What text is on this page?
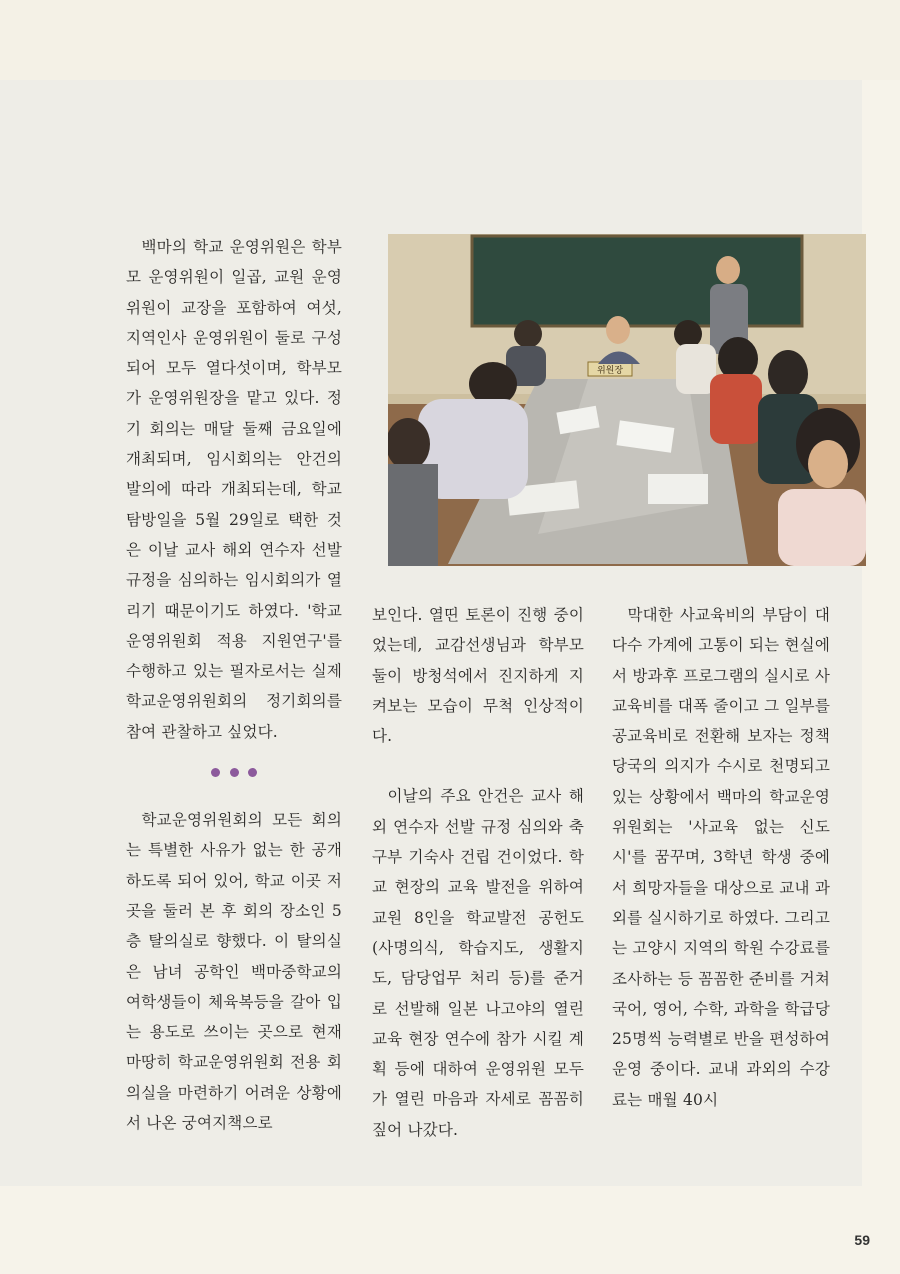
백마의 학교 운영위원은 학부모 운영위원이 일곱, 교원 운영위원이 교장을 포함하여 여섯, 지역인사 운영위원이 둘로 구성되어 모두 열다섯이며, 학부모가 운영위원장을 맡고 있다. 정기 회의는 매달 둘째 금요일에 개최되며, 임시회의는 안건의 발의에 따라 개최되는데, 학교 탐방일을 5월 29일로 택한 것은 이날 교사 해외 연수자 선발 규정을 심의하는 임시회의가 열리기 때문이기도 하였다. '학교운영위원회 적용 지원연구'를 수행하고 있는 필자로서는 실제 학교운영위원회의 정기회의를 참여 관찰하고 싶었다.

학교운영위원회의 모든 회의는 특별한 사유가 없는 한 공개하도록 되어 있어, 학교 이곳 저곳을 둘러 본 후 회의 장소인 5층 탈의실로 향했다. 이 탈의실은 남녀 공학인 백마중학교의 여학생들이 체육복등을 갈아 입는 용도로 쓰이는 곳으로 현재 마땅히 학교운영위원회 전용 회의실을 마련하기 어려운 상황에서 나온 궁여지책으로

위원장

보인다. 열띤 토론이 진행 중이었는데, 교감선생님과 학부모 둘이 방청석에서 진지하게 지켜보는 모습이 무척 인상적이다.

이날의 주요 안건은 교사 해외 연수자 선발 규정 심의와 축구부 기숙사 건립 건이었다. 학교 현장의 교육 발전을 위하여 교원 8인을 학교발전 공헌도(사명의식, 학습지도, 생활지도, 담당업무 처리 등)를 준거로 선발해 일본 나고야의 열린교육 현장 연수에 참가 시킬 계획 등에 대하여 운영위원 모두가 열린 마음과 자세로 꼼꼼히 짚어 나갔다.

막대한 사교육비의 부담이 대다수 가계에 고통이 되는 현실에서 방과후 프로그램의 실시로 사교육비를 대폭 줄이고 그 일부를 공교육비로 전환해 보자는 정책 당국의 의지가 수시로 천명되고 있는 상황에서 백마의 학교운영위원회는 '사교육 없는 신도시'를 꿈꾸며, 3학년 학생 중에서 희망자들을 대상으로 교내 과외를 실시하기로 하였다. 그리고는 고양시 지역의 학원 수강료를 조사하는 등 꼼꼼한 준비를 거쳐 국어, 영어, 수학, 과학을 학급당 25명씩 능력별로 반을 편성하여 운영 중이다. 교내 과외의 수강료는 매월 40시

59
